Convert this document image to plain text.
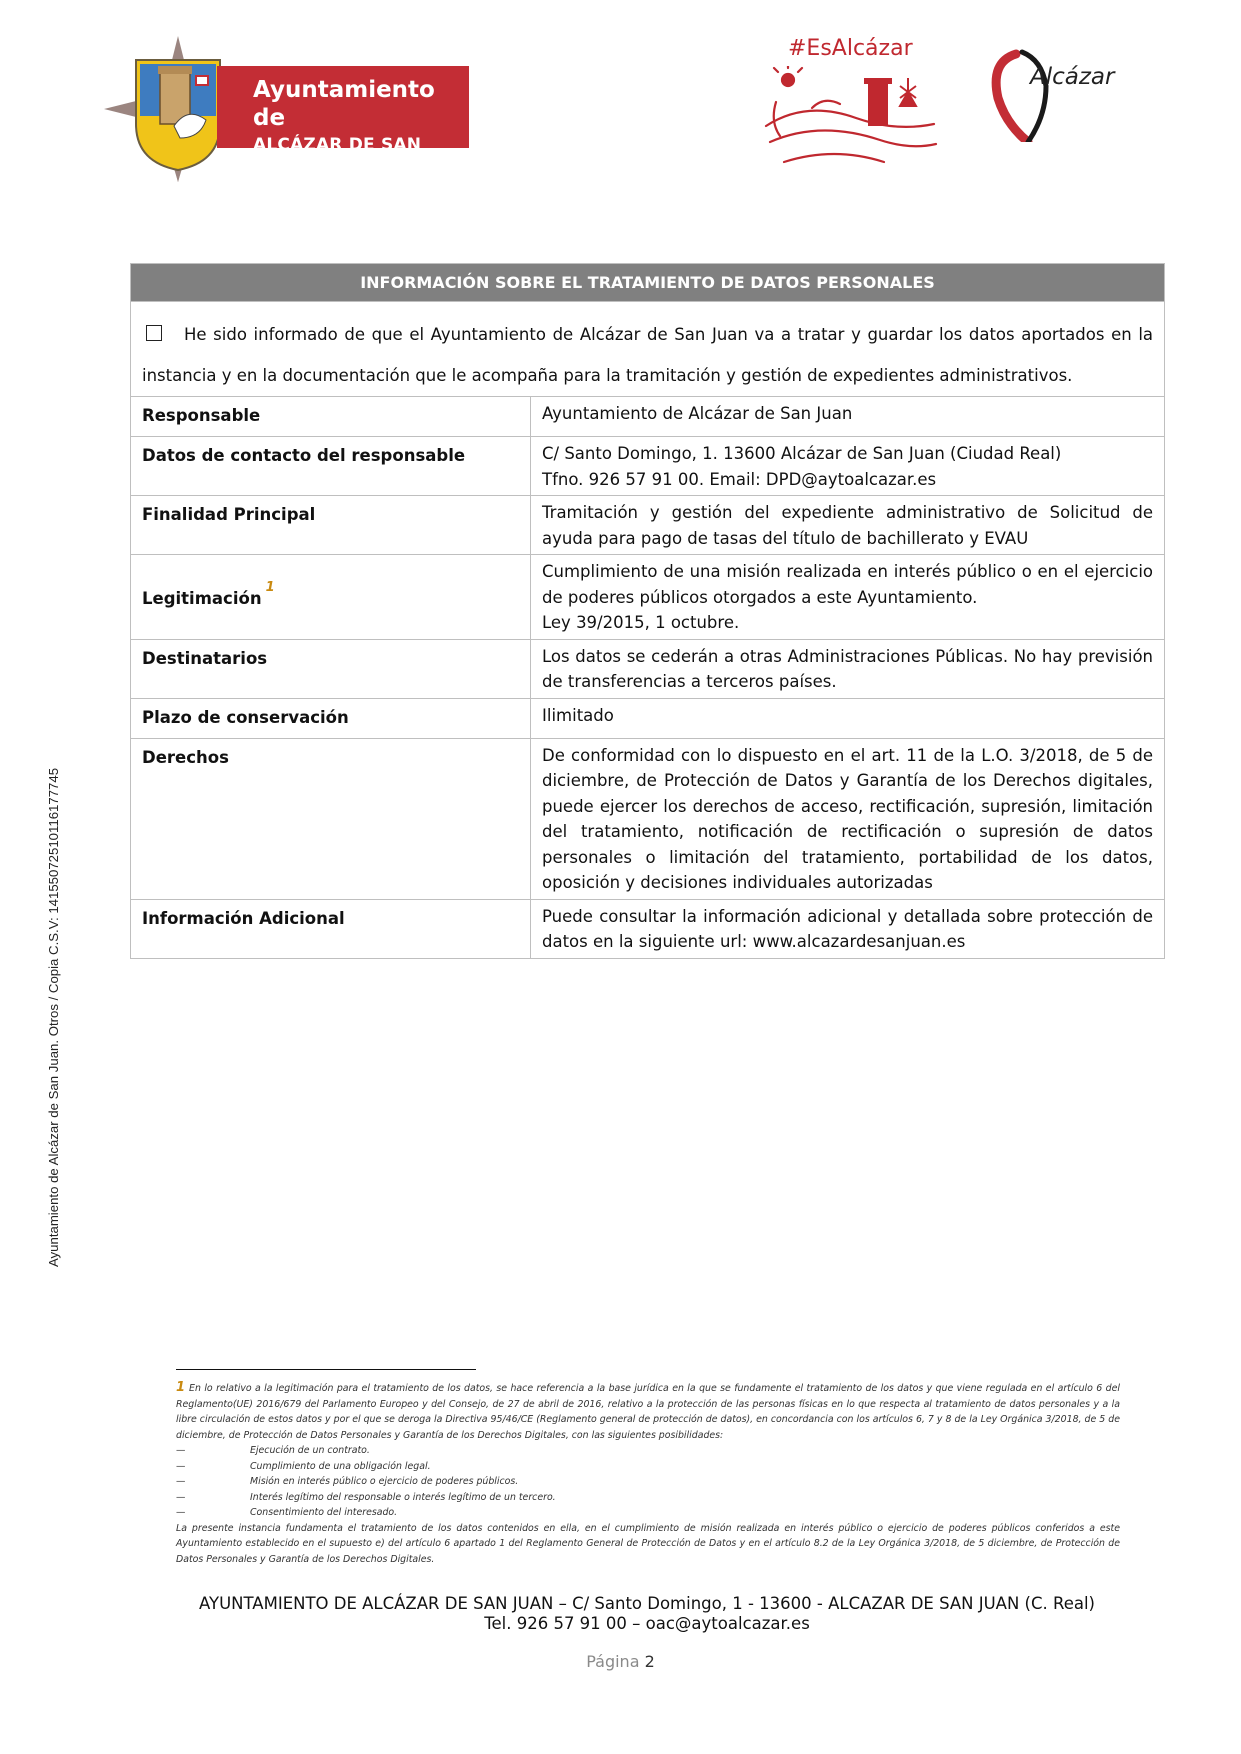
Ayuntamiento de
ALCÁZAR DE SAN JUAN
#EsAlcázar
Alcázar
Ayuntamiento de Alcázar de San Juan. Otros / Copia C.S.V: 14155072510116177745
INFORMACIÓN SOBRE EL TRATAMIENTO DE DATOS PERSONALES	
He sido informado de que el Ayuntamiento de Alcázar de San Juan va a tratar y guardar los datos aportados en la instancia y en la documentación que le acompaña para la tramitación y gestión de expedientes administrativos.	
Responsable	Ayuntamiento de Alcázar de San Juan

Datos de contacto del responsable	C/ Santo Domingo, 1. 13600 Alcázar de San Juan (Ciudad Real)
Tfno. 926 57 91 00. Email: DPD@aytoalcazar.es

Finalidad Principal	Tramitación y gestión del expediente administrativo de Solicitud de ayuda para pago de tasas del título de bachillerato y EVAU

Legitimación$^1$	Cumplimiento de una misión realizada en interés público o en el ejercicio de poderes públicos otorgados a este Ayuntamiento.
Ley 39/2015, 1 octubre.

Destinatarios	Los datos se cederán a otras Administraciones Públicas. No hay previsión de transferencias a terceros países.

Plazo de conservación	Ilimitado

Derechos	De conformidad con lo dispuesto en el art. 11 de la L.O. 3/2018, de 5 de diciembre, de Protección de Datos y Garantía de los Derechos digitales, puede ejercer los derechos de acceso, rectificación, supresión, limitación del tratamiento, notificación de rectificación o supresión de datos personales o limitación del tratamiento, portabilidad de los datos, oposición y decisiones individuales autorizadas

Información Adicional	Puede consultar la información adicional y detallada sobre protección de datos en la siguiente url: www.alcazardesanjuan.es
1 En lo relativo a la legitimación para el tratamiento de los datos, se hace referencia a la base jurídica en la que se fundamente el tratamiento de los datos y que viene regulada en el artículo 6 del Reglamento(UE) 2016/679 del Parlamento Europeo y del Consejo, de 27 de abril de 2016, relativo a la protección de las personas físicas en lo que respecta al tratamiento de datos personales y a la libre circulación de estos datos y por el que se deroga la Directiva 95/46/CE (Reglamento general de protección de datos), en concordancia con los artículos 6, 7 y 8 de la Ley Orgánica 3/2018, de 5 de diciembre, de Protección de Datos Personales y Garantía de los Derechos Digitales, con las siguientes posibilidades:
—	Ejecución de un contrato.
—	Cumplimiento de una obligación legal.
—	Misión en interés público o ejercicio de poderes públicos.
—	Interés legítimo del responsable o interés legítimo de un tercero.
—	Consentimiento del interesado.
La presente instancia fundamenta el tratamiento de los datos contenidos en ella, en el cumplimiento de misión realizada en interés público o ejercicio de poderes públicos conferidos a este Ayuntamiento establecido en el supuesto e) del artículo 6 apartado 1 del Reglamento General de Protección de Datos y en el artículo 8.2 de la Ley Orgánica 3/2018, de 5 diciembre, de Protección de Datos Personales y Garantía de los Derechos Digitales.
AYUNTAMIENTO DE ALCÁZAR DE SAN JUAN – C/ Santo Domingo, 1 - 13600 - ALCAZAR DE SAN JUAN (C. Real)
Tel. 926 57 91 00 – oac@aytoalcazar.es
Página 2
